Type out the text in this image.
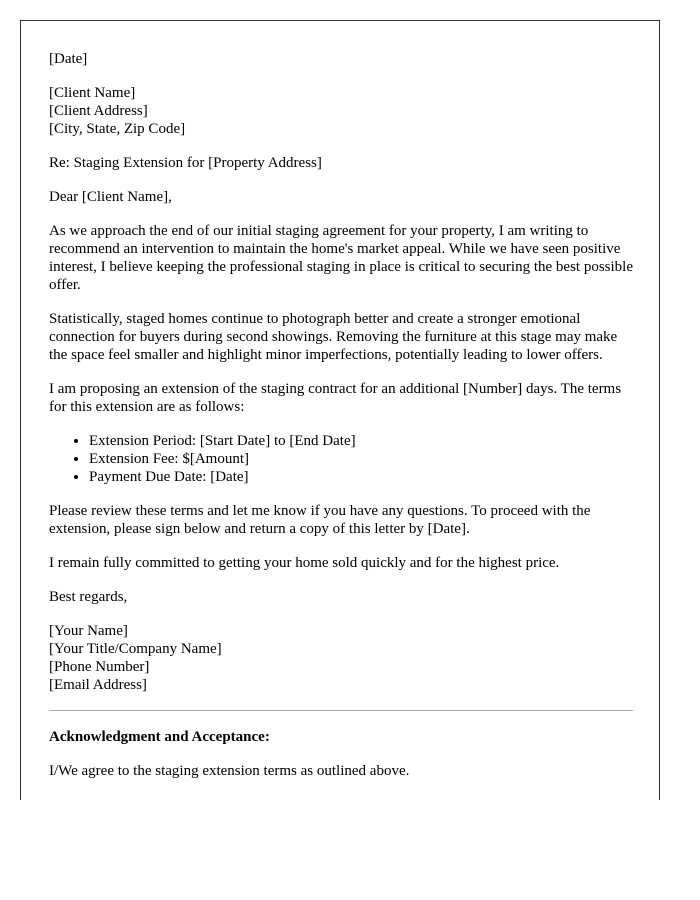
[Date]

[Client Name]
[Client Address]
[City, State, Zip Code]

Re: Staging Extension for [Property Address]

Dear [Client Name],

As we approach the end of our initial staging agreement for your property, I am writing to recommend an intervention to maintain the home's market appeal. While we have seen positive interest, I believe keeping the professional staging in place is critical to securing the best possible offer.

Statistically, staged homes continue to photograph better and create a stronger emotional connection for buyers during second showings. Removing the furniture at this stage may make the space feel smaller and highlight minor imperfections, potentially leading to lower offers.

I am proposing an extension of the staging contract for an additional [Number] days. The terms for this extension are as follows:

• Extension Period: [Start Date] to [End Date]
• Extension Fee: $[Amount]
• Payment Due Date: [Date]

Please review these terms and let me know if you have any questions. To proceed with the extension, please sign below and return a copy of this letter by [Date].

I remain fully committed to getting your home sold quickly and for the highest price.

Best regards,

[Your Name]
[Your Title/Company Name]
[Phone Number]
[Email Address]

Acknowledgment and Acceptance:

I/We agree to the staging extension terms as outlined above.
